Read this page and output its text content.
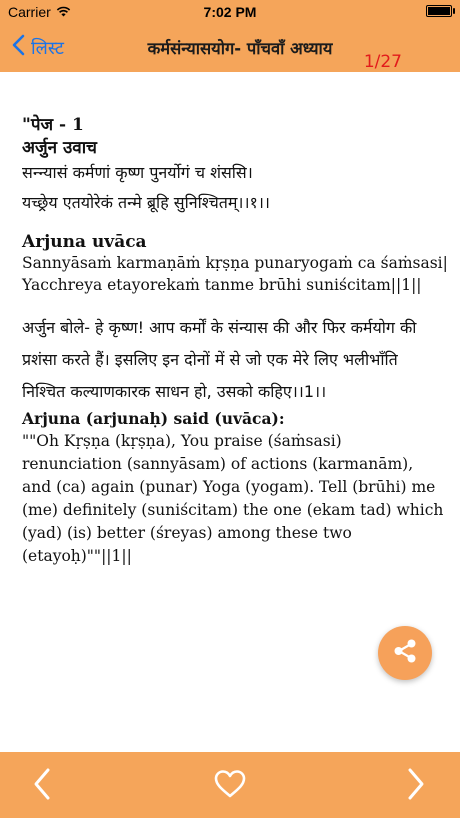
Carrier	7:02 PM
लिस्ट	कर्मसंन्यासयोग- पाँचवाँ अध्याय
1/27

"पेज - 1

अर्जुन उवाच

सन्न्यासं कर्मणां कृष्ण पुनर्योगं च शंससि।
यच्छ्रेय एतयोरेकं तन्मे ब्रूहि सुनिश्चितम्।।१।।

Arjuna uvāca

Sannyāsaṁ karmaṇāṁ kṛṣṇa punaryogaṁ ca śaṁsasi|
Yacchreya etayorekaṁ tanme brūhi suniścitam||1||

अर्जुन बोले- हे कृष्ण! आप कर्मों के संन्यास की और फिर कर्मयोग की प्रशंसा करते हैं। इसलिए इन दोनों में से जो एक मेरे लिए भलीभाँति निश्चित कल्याणकारक साधन हो, उसको कहिए।।1।।

Arjuna (arjunaḥ) said (uvāca):

""Oh Kṛṣṇa (kṛṣṇa), You praise (śaṁsasi) renunciation (sannyāsam) of actions (karmanām), and (ca) again (punar) Yoga (yogam). Tell (brūhi) me (me) definitely (suniścitam) the one (ekam tad) which (yad) (is) better (śreyas) among these two (etayoḥ)""||1||
